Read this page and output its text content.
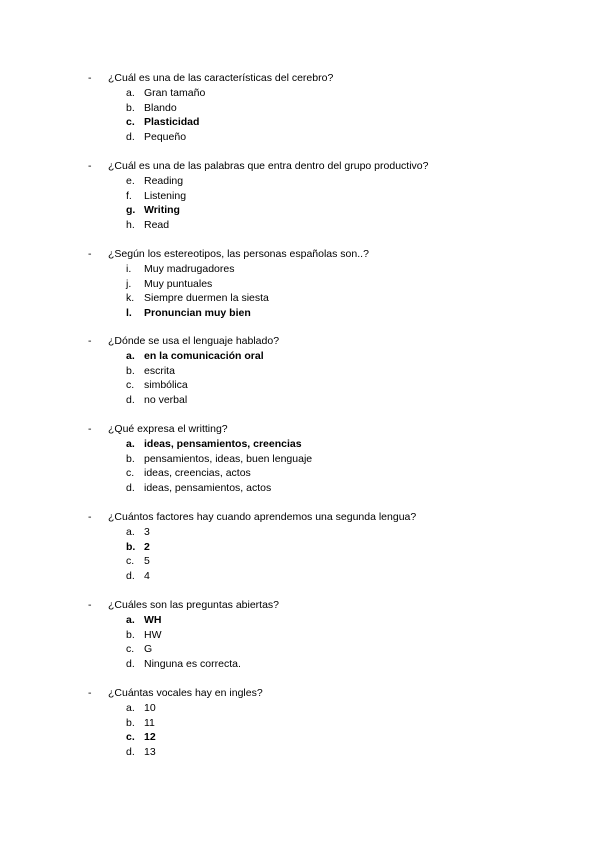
- ¿Cuál es una de las características del cerebro?
a. Gran tamaño
b. Blando
c. Plasticidad
d. Pequeño
- ¿Cuál es una de las palabras que entra dentro del grupo productivo?
e. Reading
f. Listening
g. Writing
h. Read
- ¿Según los estereotipos, las personas españolas son..?
i. Muy madrugadores
j. Muy puntuales
k. Siempre duermen la siesta
l. Pronuncian muy bien
- ¿Dónde se usa el lenguaje hablado?
a. en la comunicación oral
b. escrita
c. simbólica
d. no verbal
- ¿Qué expresa el writting?
a. ideas, pensamientos, creencias
b. pensamientos, ideas, buen lenguaje
c. ideas, creencias, actos
d. ideas, pensamientos, actos
- ¿Cuántos factores hay cuando aprendemos una segunda lengua?
a. 3
b. 2
c. 5
d. 4
- ¿Cuáles son las preguntas abiertas?
a. WH
b. HW
c. G
d. Ninguna es correcta.
- ¿Cuántas vocales hay en ingles?
a. 10
b. 11
c. 12
d. 13
